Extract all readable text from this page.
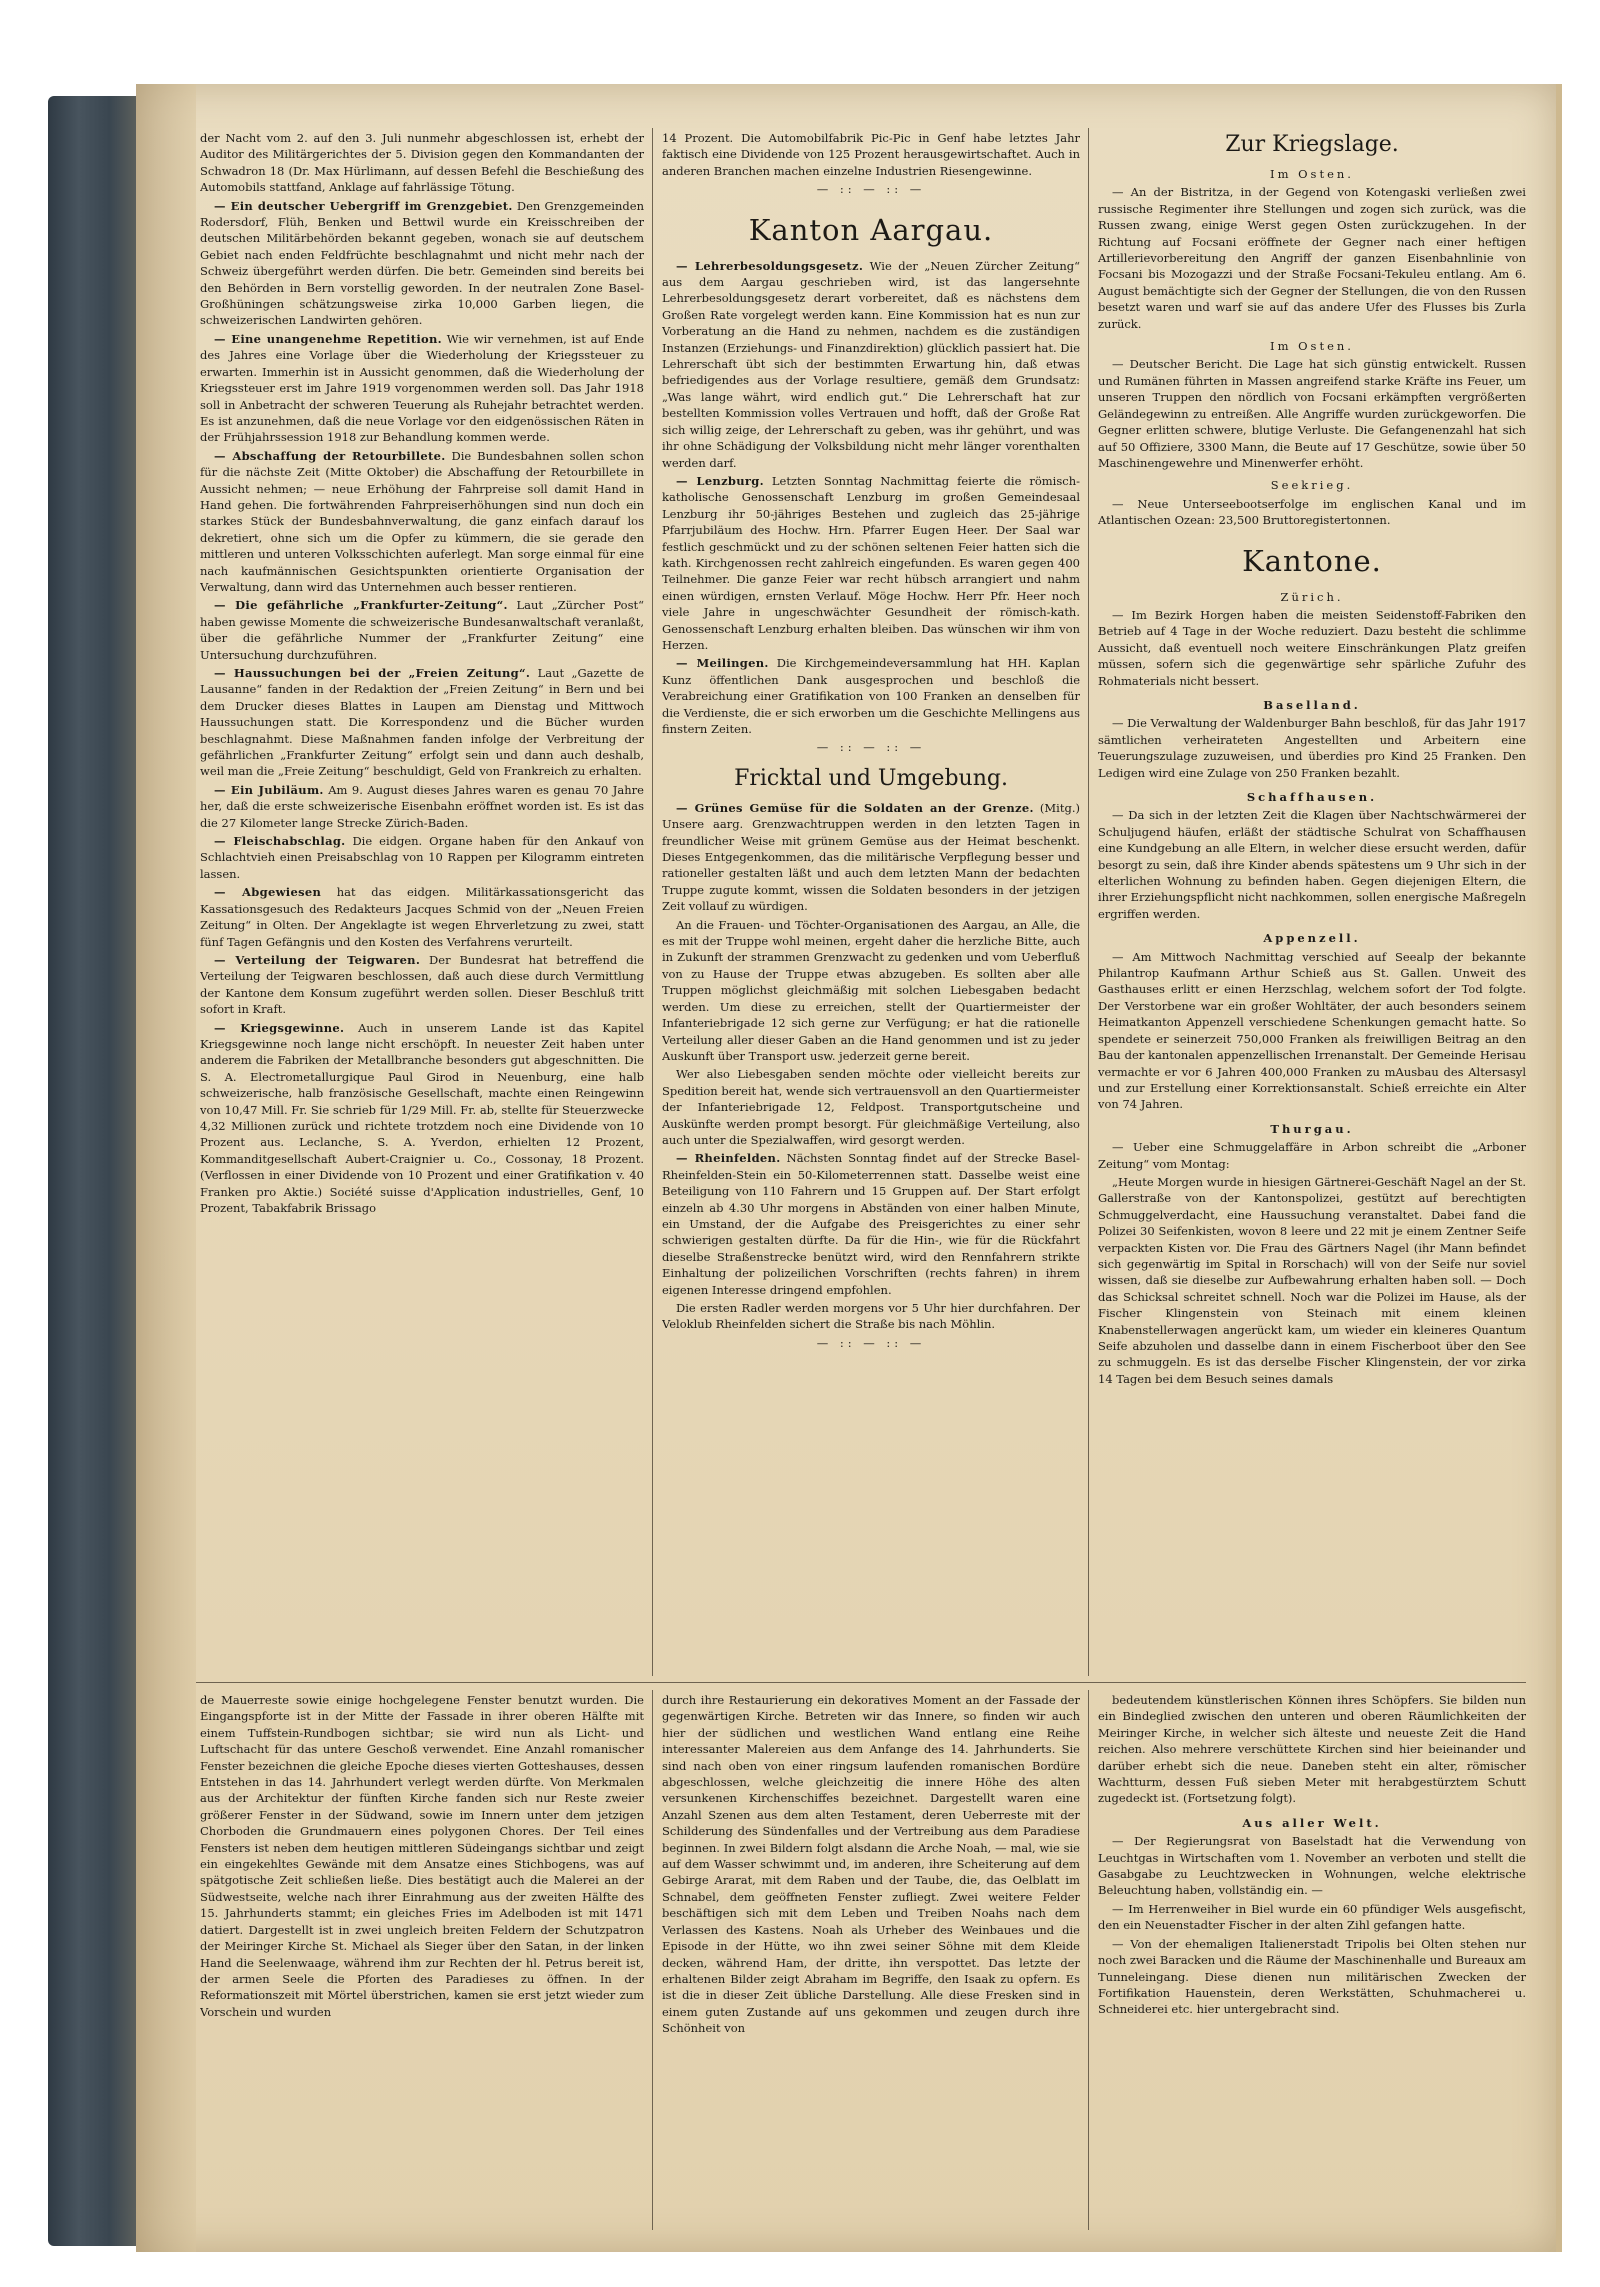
der Nacht vom 2. auf den 3. Juli nunmehr abgeschlossen ist, erhebt der Auditor des Militärgerichtes der 5. Division gegen den Kommandanten der Schwadron 18 (Dr. Max Hürlimann, auf dessen Befehl die Beschießung des Automobils stattfand, Anklage auf fahrlässige Tötung.

— Ein deutscher Uebergriff im Grenzgebiet. Den Grenzgemeinden Rodersdorf, Flüh, Benken und Bettwil wurde ein Kreisschreiben der deutschen Militärbehörden bekannt gegeben, wonach sie auf deutschem Gebiet nach enden Feldfrüchte beschlagnahmt und nicht mehr nach der Schweiz übergeführt werden dürfen. Die betr. Gemeinden sind bereits bei den Behörden in Bern vorstellig geworden. In der neutralen Zone Basel-Großhüningen schätzungsweise zirka 10,000 Garben liegen, die schweizerischen Landwirten gehören.

— Eine unangenehme Repetition. Wie wir vernehmen, ist auf Ende des Jahres eine Vorlage über die Wiederholung der Kriegssteuer zu erwarten. Immerhin ist in Aussicht genommen, daß die Wiederholung der Kriegssteuer erst im Jahre 1919 vorgenommen werden soll. Das Jahr 1918 soll in Anbetracht der schweren Teuerung als Ruhejahr betrachtet werden. Es ist anzunehmen, daß die neue Vorlage vor den eidgenössischen Räten in der Frühjahrssession 1918 zur Behandlung kommen werde.

— Abschaffung der Retourbillete. Die Bundesbahnen sollen schon für die nächste Zeit (Mitte Oktober) die Abschaffung der Retourbillete in Aussicht nehmen; — neue Erhöhung der Fahrpreise soll damit Hand in Hand gehen. Die fortwährenden Fahrpreiserhöhungen sind nun doch ein starkes Stück der Bundesbahnverwaltung, die ganz einfach darauf los dekretiert, ohne sich um die Opfer zu kümmern, die sie gerade den mittleren und unteren Volksschichten auferlegt. Man sorge einmal für eine nach kaufmännischen Gesichtspunkten orientierte Organisation der Verwaltung, dann wird das Unternehmen auch besser rentieren.

— Die gefährliche „Frankfurter-Zeitung“. Laut „Zürcher Post“ haben gewisse Momente die schweizerische Bundesanwaltschaft veranlaßt, über die gefährliche Nummer der „Frankfurter Zeitung“ eine Untersuchung durchzuführen.

— Haussuchungen bei der „Freien Zeitung“. Laut „Gazette de Lausanne“ fanden in der Redaktion der „Freien Zeitung“ in Bern und bei dem Drucker dieses Blattes in Laupen am Dienstag und Mittwoch Haussuchungen statt. Die Korrespondenz und die Bücher wurden beschlagnahmt. Diese Maßnahmen fanden infolge der Verbreitung der gefährlichen „Frankfurter Zeitung“ erfolgt sein und dann auch deshalb, weil man die „Freie Zeitung“ beschuldigt, Geld von Frankreich zu erhalten.

— Ein Jubiläum. Am 9. August dieses Jahres waren es genau 70 Jahre her, daß die erste schweizerische Eisenbahn eröffnet worden ist. Es ist das die 27 Kilometer lange Strecke Zürich-Baden.

— Fleischabschlag. Die eidgen. Organe haben für den Ankauf von Schlachtvieh einen Preisabschlag von 10 Rappen per Kilogramm eintreten lassen.

— Abgewiesen hat das eidgen. Militärkassationsgericht das Kassationsgesuch des Redakteurs Jacques Schmid von der „Neuen Freien Zeitung“ in Olten. Der Angeklagte ist wegen Ehrverletzung zu zwei, statt fünf Tagen Gefängnis und den Kosten des Verfahrens verurteilt.

— Verteilung der Teigwaren. Der Bundesrat hat betreffend die Verteilung der Teigwaren beschlossen, daß auch diese durch Vermittlung der Kantone dem Konsum zugeführt werden sollen. Dieser Beschluß tritt sofort in Kraft.

— Kriegsgewinne. Auch in unserem Lande ist das Kapitel Kriegsgewinne noch lange nicht erschöpft. In neuester Zeit haben unter anderem die Fabriken der Metallbranche besonders gut abgeschnitten. Die S. A. Electrometallurgique Paul Girod in Neuenburg, eine halb schweizerische, halb französische Gesellschaft, machte einen Reingewinn von 10,47 Mill. Fr. Sie schrieb für 1/29 Mill. Fr. ab, stellte für Steuerzwecke 4,32 Millionen zurück und richtete trotzdem noch eine Dividende von 10 Prozent aus. Leclanche, S. A. Yverdon, erhielten 12 Prozent, Kommanditgesellschaft Aubert-Craignier u. Co., Cossonay, 18 Prozent. (Verflossen in einer Dividende von 10 Prozent und einer Gratifikation v. 40 Franken pro Aktie.) Société suisse d'Application industrielles, Genf, 10 Prozent, Tabakfabrik Brissago

14 Prozent. Die Automobilfabrik Pic-Pic in Genf habe letztes Jahr faktisch eine Dividende von 125 Prozent herausgewirtschaftet. Auch in anderen Branchen machen einzelne Industrien Riesengewinne.

— :: — :: —
Kanton Aargau.

— Lehrerbesoldungsgesetz. Wie der „Neuen Zürcher Zeitung“ aus dem Aargau geschrieben wird, ist das langersehnte Lehrerbesoldungsgesetz derart vorbereitet, daß es nächstens dem Großen Rate vorgelegt werden kann. Eine Kommission hat es nun zur Vorberatung an die Hand zu nehmen, nachdem es die zuständigen Instanzen (Erziehungs- und Finanzdirektion) glücklich passiert hat. Die Lehrerschaft übt sich der bestimmten Erwartung hin, daß etwas befriedigendes aus der Vorlage resultiere, gemäß dem Grundsatz: „Was lange währt, wird endlich gut.“ Die Lehrerschaft hat zur bestellten Kommission volles Vertrauen und hofft, daß der Große Rat sich willig zeige, der Lehrerschaft zu geben, was ihr gehührt, und was ihr ohne Schädigung der Volksbildung nicht mehr länger vorenthalten werden darf.

— Lenzburg. Letzten Sonntag Nachmittag feierte die römisch-katholische Genossenschaft Lenzburg im großen Gemeindesaal Lenzburg ihr 50-jähriges Bestehen und zugleich das 25-jährige Pfarrjubiläum des Hochw. Hrn. Pfarrer Eugen Heer. Der Saal war festlich geschmückt und zu der schönen seltenen Feier hatten sich die kath. Kirchgenossen recht zahlreich eingefunden. Es waren gegen 400 Teilnehmer. Die ganze Feier war recht hübsch arrangiert und nahm einen würdigen, ernsten Verlauf. Möge Hochw. Herr Pfr. Heer noch viele Jahre in ungeschwächter Gesundheit der römisch-kath. Genossenschaft Lenzburg erhalten bleiben. Das wünschen wir ihm von Herzen.

— Meilingen. Die Kirchgemeindeversammlung hat HH. Kaplan Kunz öffentlichen Dank ausgesprochen und beschloß die Verabreichung einer Gratifikation von 100 Franken an denselben für die Verdienste, die er sich erworben um die Geschichte Mellingens aus finstern Zeiten.

— :: — :: —
Fricktal und Umgebung.

— Grünes Gemüse für die Soldaten an der Grenze. (Mitg.) Unsere aarg. Grenzwachtruppen werden in den letzten Tagen in freundlicher Weise mit grünem Gemüse aus der Heimat beschenkt. Dieses Entgegenkommen, das die militärische Verpflegung besser und rationeller gestalten läßt und auch dem letzten Mann der bedachten Truppe zugute kommt, wissen die Soldaten besonders in der jetzigen Zeit vollauf zu würdigen.

An die Frauen- und Töchter-Organisationen des Aargau, an Alle, die es mit der Truppe wohl meinen, ergeht daher die herzliche Bitte, auch in Zukunft der strammen Grenzwacht zu gedenken und vom Ueberfluß von zu Hause der Truppe etwas abzugeben. Es sollten aber alle Truppen möglichst gleichmäßig mit solchen Liebesgaben bedacht werden. Um diese zu erreichen, stellt der Quartiermeister der Infanteriebrigade 12 sich gerne zur Verfügung; er hat die rationelle Verteilung aller dieser Gaben an die Hand genommen und ist zu jeder Auskunft über Transport usw. jederzeit gerne bereit.

Wer also Liebesgaben senden möchte oder vielleicht bereits zur Spedition bereit hat, wende sich vertrauensvoll an den Quartiermeister der Infanteriebrigade 12, Feldpost. Transportgutscheine und Auskünfte werden prompt besorgt. Für gleichmäßige Verteilung, also auch unter die Spezialwaffen, wird gesorgt werden.

— Rheinfelden. Nächsten Sonntag findet auf der Strecke Basel-Rheinfelden-Stein ein 50-Kilometerrennen statt. Dasselbe weist eine Beteiligung von 110 Fahrern und 15 Gruppen auf. Der Start erfolgt einzeln ab 4.30 Uhr morgens in Abständen von einer halben Minute, ein Umstand, der die Aufgabe des Preisgerichtes zu einer sehr schwierigen gestalten dürfte. Da für die Hin-, wie für die Rückfahrt dieselbe Straßenstrecke benützt wird, wird den Rennfahrern strikte Einhaltung der polizeilichen Vorschriften (rechts fahren) in ihrem eigenen Interesse dringend empfohlen.

Die ersten Radler werden morgens vor 5 Uhr hier durchfahren. Der Veloklub Rheinfelden sichert die Straße bis nach Möhlin.

— :: — :: —
Zur Kriegslage.
Im Osten.

— An der Bistritza, in der Gegend von Kotengaski verließen zwei russische Regimenter ihre Stellungen und zogen sich zurück, was die Russen zwang, einige Werst gegen Osten zurückzugehen. In der Richtung auf Focsani eröffnete der Gegner nach einer heftigen Artillerievorbereitung den Angriff der ganzen Eisenbahnlinie von Focsani bis Mozogazzi und der Straße Focsani-Tekuleu entlang. Am 6. August bemächtigte sich der Gegner der Stellungen, die von den Russen besetzt waren und warf sie auf das andere Ufer des Flusses bis Zurla zurück.

Im Osten.

— Deutscher Bericht. Die Lage hat sich günstig entwickelt. Russen und Rumänen führten in Massen angreifend starke Kräfte ins Feuer, um unseren Truppen den nördlich von Focsani erkämpften vergrößerten Geländegewinn zu entreißen. Alle Angriffe wurden zurückgeworfen. Die Gegner erlitten schwere, blutige Verluste. Die Gefangenenzahl hat sich auf 50 Offiziere, 3300 Mann, die Beute auf 17 Geschütze, sowie über 50 Maschinengewehre und Minenwerfer erhöht.

Seekrieg.

— Neue Unterseebootserfolge im englischen Kanal und im Atlantischen Ozean: 23,500 Bruttoregistertonnen.

Kantone.
Zürich.

— Im Bezirk Horgen haben die meisten Seidenstoff-Fabriken den Betrieb auf 4 Tage in der Woche reduziert. Dazu besteht die schlimme Aussicht, daß eventuell noch weitere Einschränkungen Platz greifen müssen, sofern sich die gegenwärtige sehr spärliche Zufuhr des Rohmaterials nicht bessert.

Baselland.

— Die Verwaltung der Waldenburger Bahn beschloß, für das Jahr 1917 sämtlichen verheirateten Angestellten und Arbeitern eine Teuerungszulage zuzuweisen, und überdies pro Kind 25 Franken. Den Ledigen wird eine Zulage von 250 Franken bezahlt.

Schaffhausen.

— Da sich in der letzten Zeit die Klagen über Nachtschwärmerei der Schuljugend häufen, erläßt der städtische Schulrat von Schaffhausen eine Kundgebung an alle Eltern, in welcher diese ersucht werden, dafür besorgt zu sein, daß ihre Kinder abends spätestens um 9 Uhr sich in der elterlichen Wohnung zu befinden haben. Gegen diejenigen Eltern, die ihrer Erziehungspflicht nicht nachkommen, sollen energische Maßregeln ergriffen werden.

Appenzell.

— Am Mittwoch Nachmittag verschied auf Seealp der bekannte Philantrop Kaufmann Arthur Schieß aus St. Gallen. Unweit des Gasthauses erlitt er einen Herzschlag, welchem sofort der Tod folgte. Der Verstorbene war ein großer Wohltäter, der auch besonders seinem Heimatkanton Appenzell verschiedene Schenkungen gemacht hatte. So spendete er seinerzeit 750,000 Franken als freiwilligen Beitrag an den Bau der kantonalen appenzellischen Irrenanstalt. Der Gemeinde Herisau vermachte er vor 6 Jahren 400,000 Franken zu mAusbau des Altersasyl und zur Erstellung einer Korrektionsanstalt. Schieß erreichte ein Alter von 74 Jahren.

Thurgau.

— Ueber eine Schmuggelaffäre in Arbon schreibt die „Arboner Zeitung“ vom Montag:

„Heute Morgen wurde in hiesigen Gärtnerei-Geschäft Nagel an der St. Gallerstraße von der Kantonspolizei, gestützt auf berechtigten Schmuggelverdacht, eine Haussuchung veranstaltet. Dabei fand die Polizei 30 Seifenkisten, wovon 8 leere und 22 mit je einem Zentner Seife verpackten Kisten vor. Die Frau des Gärtners Nagel (ihr Mann befindet sich gegenwärtig im Spital in Rorschach) will von der Seife nur soviel wissen, daß sie dieselbe zur Aufbewahrung erhalten haben soll. — Doch das Schicksal schreitet schnell. Noch war die Polizei im Hause, als der Fischer Klingenstein von Steinach mit einem kleinen Knabenstellerwagen angerückt kam, um wieder ein kleineres Quantum Seife abzuholen und dasselbe dann in einem Fischerboot über den See zu schmuggeln. Es ist das derselbe Fischer Klingenstein, der vor zirka 14 Tagen bei dem Besuch seines damals

de Mauerreste sowie einige hochgelegene Fenster benutzt wurden. Die Eingangspforte ist in der Mitte der Fassade in ihrer oberen Hälfte mit einem Tuffstein-Rundbogen sichtbar; sie wird nun als Licht- und Luftschacht für das untere Geschoß verwendet. Eine Anzahl romanischer Fenster bezeichnen die gleiche Epoche dieses vierten Gotteshauses, dessen Entstehen in das 14. Jahrhundert verlegt werden dürfte. Von Merkmalen aus der Architektur der fünften Kirche fanden sich nur Reste zweier größerer Fenster in der Südwand, sowie im Innern unter dem jetzigen Chorboden die Grundmauern eines polygonen Chores. Der Teil eines Fensters ist neben dem heutigen mittleren Südeingangs sichtbar und zeigt ein eingekehltes Gewände mit dem Ansatze eines Stichbogens, was auf spätgotische Zeit schließen ließe. Dies bestätigt auch die Malerei an der Südwestseite, welche nach ihrer Einrahmung aus der zweiten Hälfte des 15. Jahrhunderts stammt; ein gleiches Fries im Adelboden ist mit 1471 datiert. Dargestellt ist in zwei ungleich breiten Feldern der Schutzpatron der Meiringer Kirche St. Michael als Sieger über den Satan, in der linken Hand die Seelenwaage, während ihm zur Rechten der hl. Petrus bereit ist, der armen Seele die Pforten des Paradieses zu öffnen. In der Reformationszeit mit Mörtel überstrichen, kamen sie erst jetzt wieder zum Vorschein und wurden

durch ihre Restaurierung ein dekoratives Moment an der Fassade der gegenwärtigen Kirche. Betreten wir das Innere, so finden wir auch hier der südlichen und westlichen Wand entlang eine Reihe interessanter Malereien aus dem Anfange des 14. Jahrhunderts. Sie sind nach oben von einer ringsum laufenden romanischen Bordüre abgeschlossen, welche gleichzeitig die innere Höhe des alten versunkenen Kirchenschiffes bezeichnet. Dargestellt waren eine Anzahl Szenen aus dem alten Testament, deren Ueberreste mit der Schilderung des Sündenfalles und der Vertreibung aus dem Paradiese beginnen. In zwei Bildern folgt alsdann die Arche Noah, — mal, wie sie auf dem Wasser schwimmt und, im anderen, ihre Scheiterung auf dem Gebirge Ararat, mit dem Raben und der Taube, die, das Oelblatt im Schnabel, dem geöffneten Fenster zufliegt. Zwei weitere Felder beschäftigen sich mit dem Leben und Treiben Noahs nach dem Verlassen des Kastens. Noah als Urheber des Weinbaues und die Episode in der Hütte, wo ihn zwei seiner Söhne mit dem Kleide decken, während Ham, der dritte, ihn verspottet. Das letzte der erhaltenen Bilder zeigt Abraham im Begriffe, den Isaak zu opfern. Es ist die in dieser Zeit übliche Darstellung. Alle diese Fresken sind in einem guten Zustande auf uns gekommen und zeugen durch ihre Schönheit von

bedeutendem künstlerischen Können ihres Schöpfers. Sie bilden nun ein Bindeglied zwischen den unteren und oberen Räumlichkeiten der Meiringer Kirche, in welcher sich älteste und neueste Zeit die Hand reichen. Also mehrere verschüttete Kirchen sind hier beieinander und darüber erhebt sich die neue. Daneben steht ein alter, römischer Wachtturm, dessen Fuß sieben Meter mit herabgestürztem Schutt zugedeckt ist. (Fortsetzung folgt).

Aus aller Welt.

— Der Regierungsrat von Baselstadt hat die Verwendung von Leuchtgas in Wirtschaften vom 1. November an verboten und stellt die Gasabgabe zu Leuchtzwecken in Wohnungen, welche elektrische Beleuchtung haben, vollständig ein. —

— Im Herrenweiher in Biel wurde ein 60 pfündiger Wels ausgefischt, den ein Neuenstadter Fischer in der alten Zihl gefangen hatte.

— Von der ehemaligen Italienerstadt Tripolis bei Olten stehen nur noch zwei Baracken und die Räume der Maschinenhalle und Bureaux am Tunneleingang. Diese dienen nun militärischen Zwecken der Fortifikation Hauenstein, deren Werkstätten, Schuhmacherei u. Schneiderei etc. hier untergebracht sind.
